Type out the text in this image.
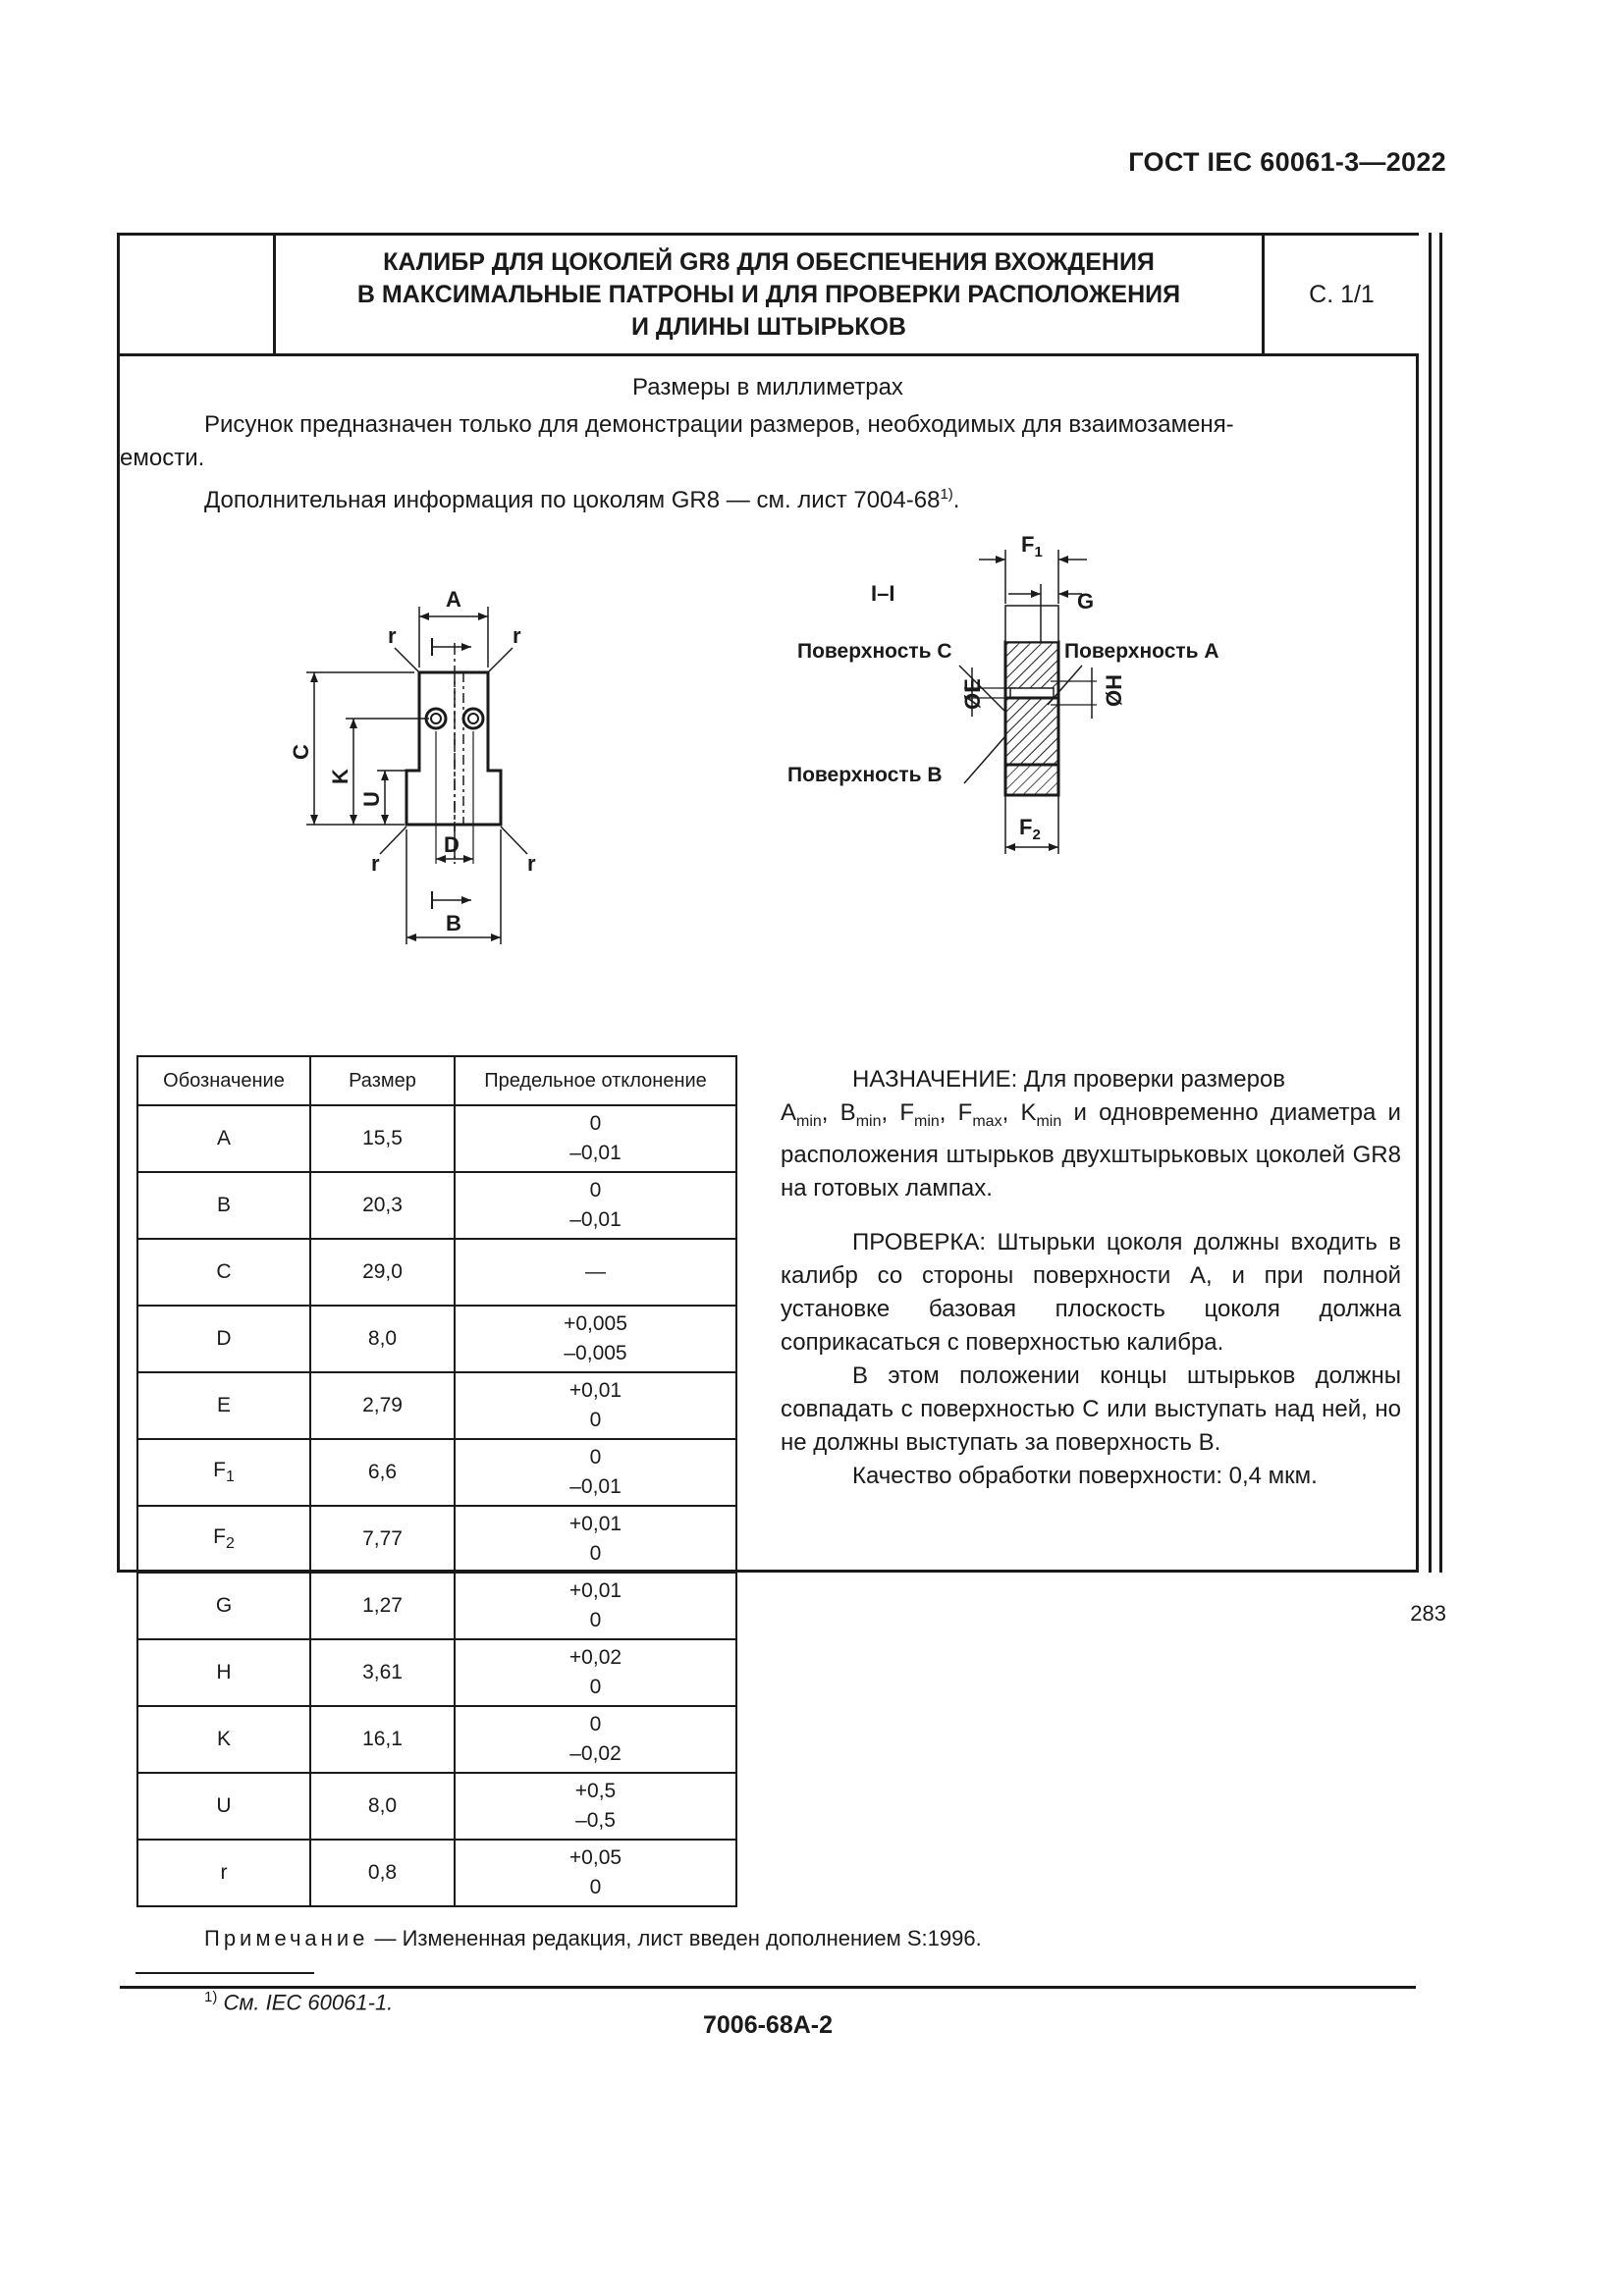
ГОСТ IEC 60061-3—2022
КАЛИБР ДЛЯ ЦОКОЛЕЙ GR8 ДЛЯ ОБЕСПЕЧЕНИЯ ВХОЖДЕНИЯ
В МАКСИМАЛЬНЫЕ ПАТРОНЫ И ДЛЯ ПРОВЕРКИ РАСПОЛОЖЕНИЯ
И ДЛИНЫ ШТЫРЬКОВ
С. 1/1
Размеры в миллиметрах
Рисунок предназначен только для демонстрации размеров, необходимых для взаимозаменя-
емости.
Дополнительная информация по цоколям GR8 — см. лист 7004-68$^{1)}$.
A
r	r
C
K
U
r	r
D
B
I–I
$F_1$
G
Поверхность C	Поверхность A
ØE	ØH
Поверхность B
$F_2$
Обозначение	Размер	Предельное отклонение
A	15,5	0
–0,01

B	20,3	0
–0,01

C	29,0	—

D	8,0	+0,005
–0,005

E	2,79	+0,01
0

$F_1$	6,6	0
–0,01

$F_2$	7,77	+0,01
0

G	1,27	+0,01
0

H	3,61	+0,02
0

K	16,1	0
–0,02

U	8,0	+0,5
–0,5

r	0,8	+0,05
0

НАЗНАЧЕНИЕ: Для проверки размеров
$A_{min}$, $B_{min}$, $F_{min}$, $F_{max}$, $K_{min}$ и одновременно диаметра и расположения штырьков двухштырьковых цоколей GR8 на готовых лампах.

ПРОВЕРКА: Штырьки цоколя должны входить в калибр со стороны поверхности A, и при полной установке базовая плоскость цоколя должна соприкасаться с поверхностью калибра.

В этом положении концы штырьков должны совпадать с поверхностью C или выступать над ней, но не должны выступать за поверхность B.

Качество обработки поверхности: 0,4 мкм.

Примечание — Измененная редакция, лист введен дополнением S:1996.
$^{1)}$ См. IEC 60061-1.
7006-68A-2
283
